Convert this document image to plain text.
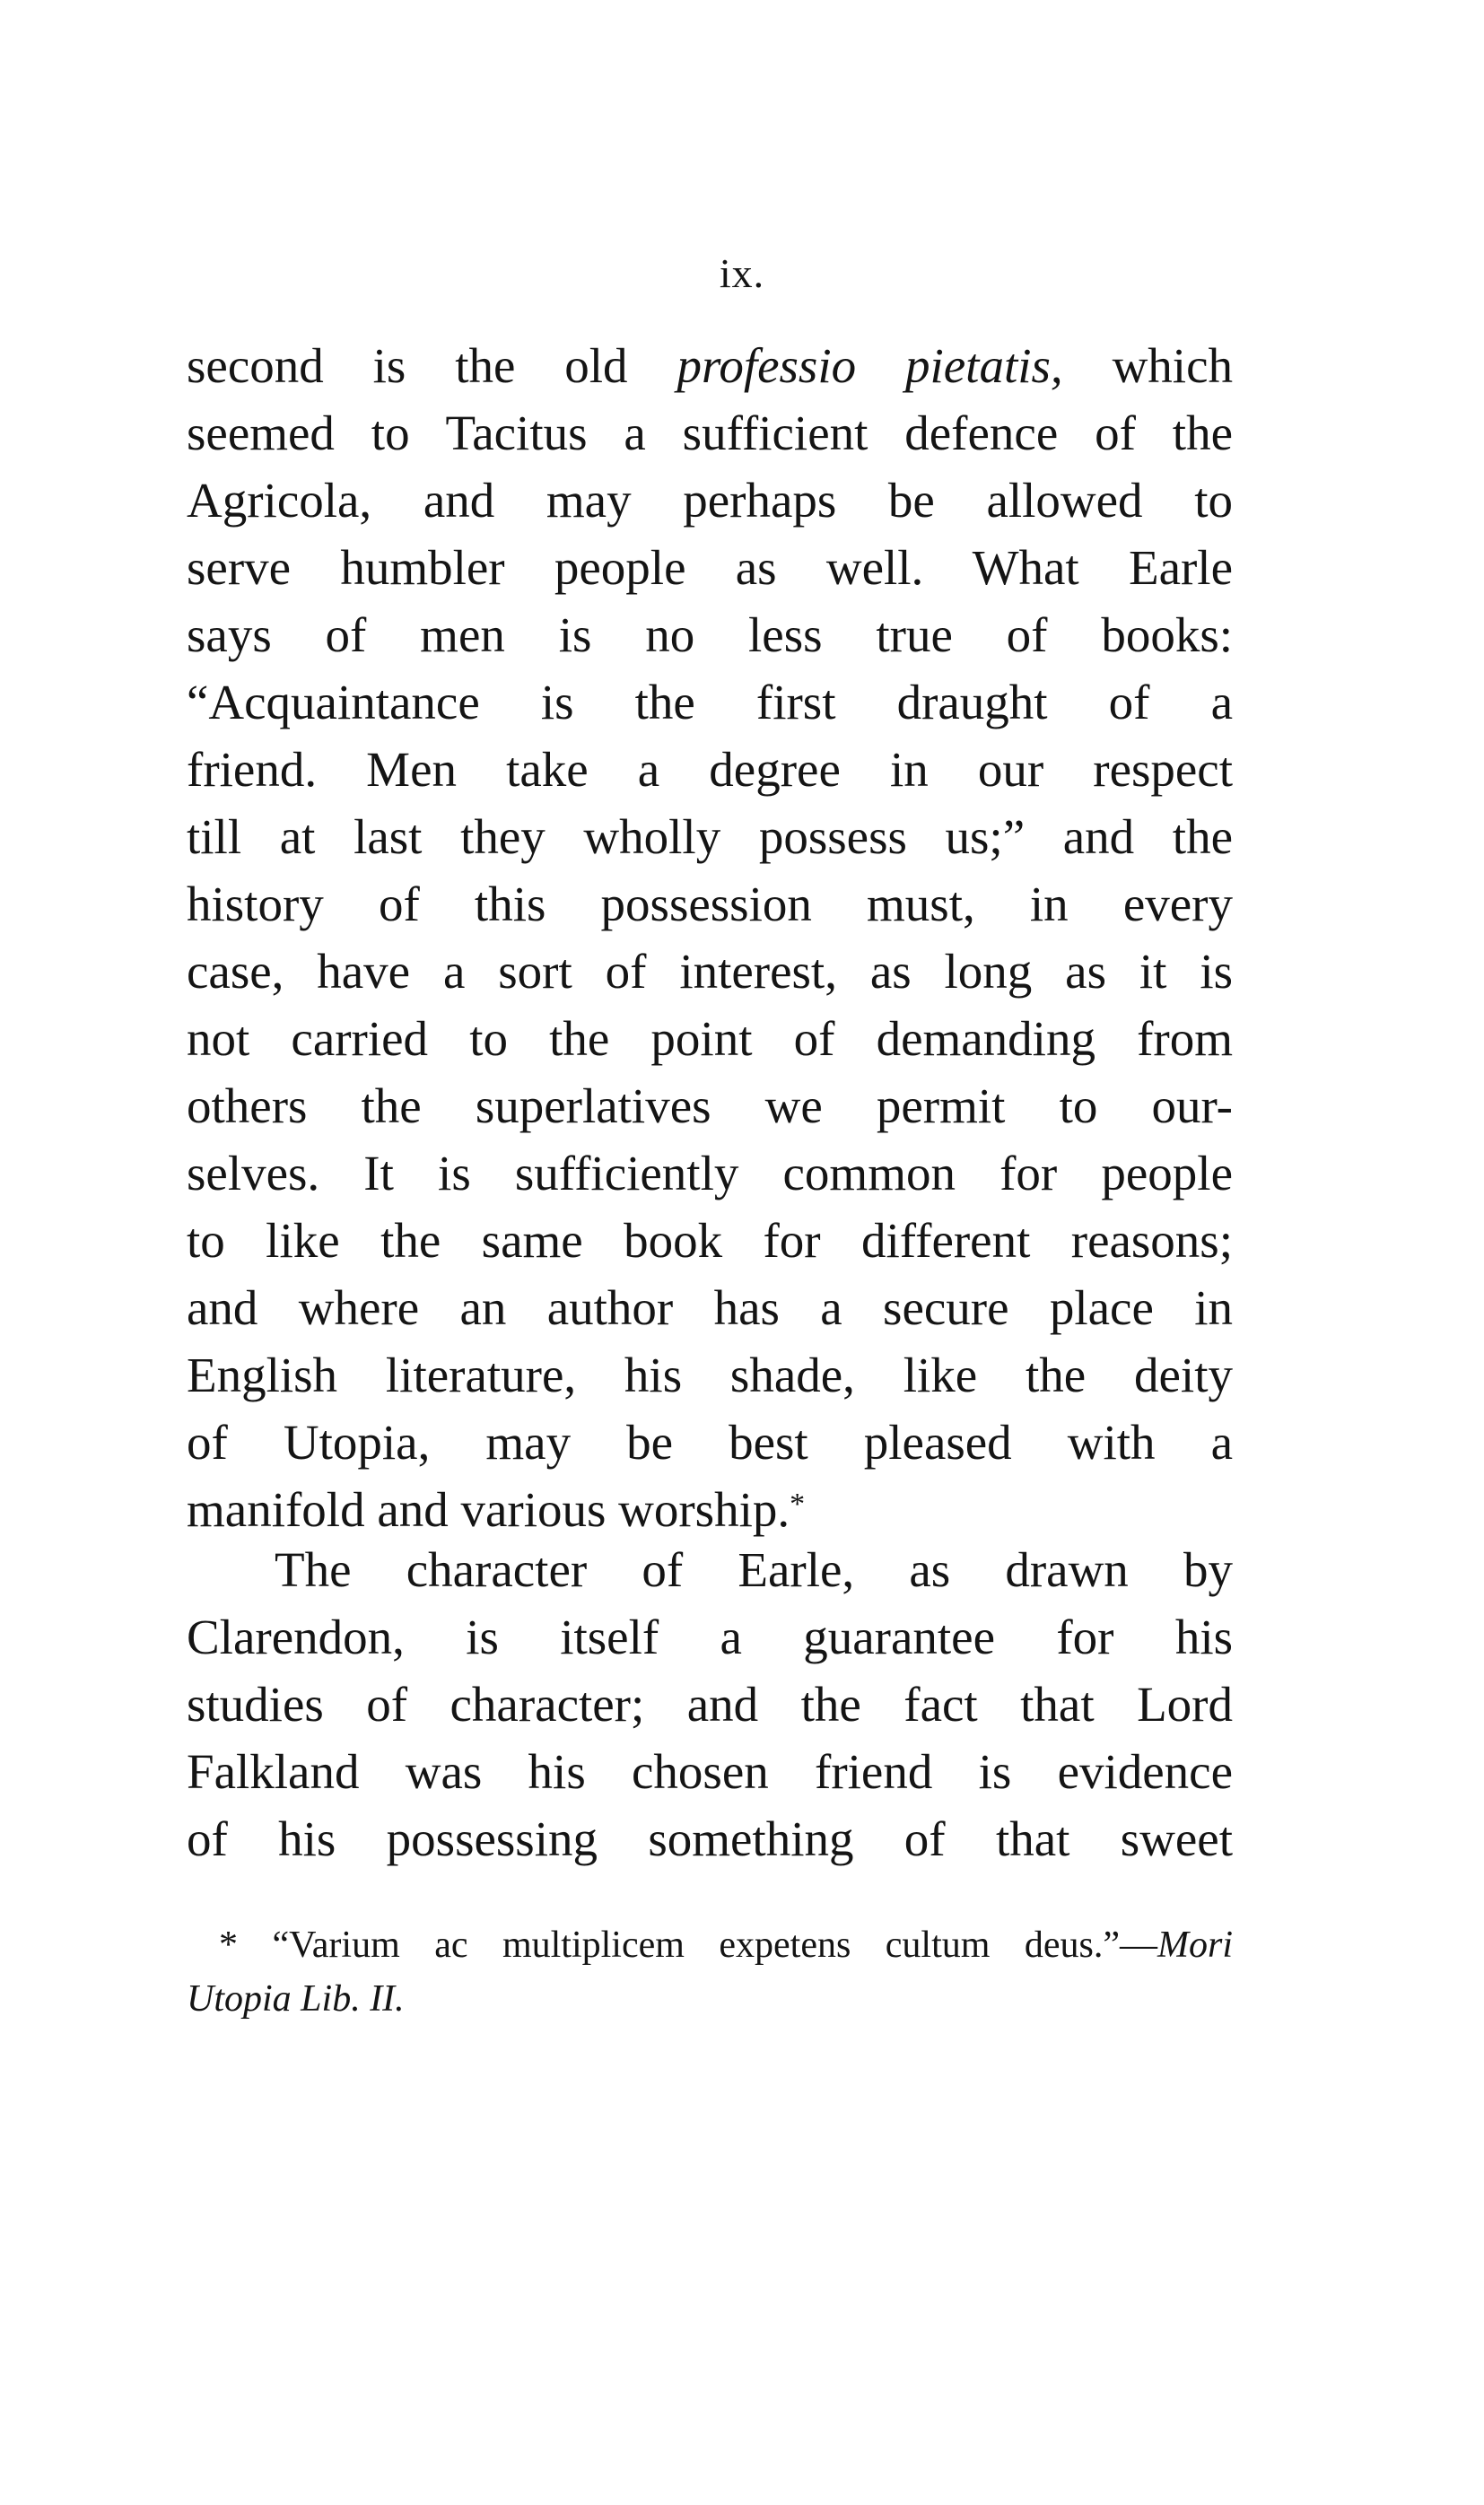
ix.
second is the old professio pietatis, which
seemed to Tacitus a sufficient defence of the
Agricola, and may perhaps be allowed to
serve humbler people as well. What Earle
says of men is no less true of books:
“Acquaintance is the first draught of a
friend. Men take a degree in our respect
till at last they wholly possess us;” and the
history of this possession must, in every
case, have a sort of interest, as long as it is
not carried to the point of demanding from
others the superlatives we permit to our-
selves. It is sufficiently common for people
to like the same book for different reasons;
and where an author has a secure place in
English literature, his shade, like the deity
of Utopia, may be best pleased with a
manifold and various worship.*
The character of Earle, as drawn by
Clarendon, is itself a guarantee for his
studies of character; and the fact that Lord
Falkland was his chosen friend is evidence
of his possessing something of that sweet
* “Varium ac multiplicem expetens cultum deus.”—Mori
Utopia Lib. II.
